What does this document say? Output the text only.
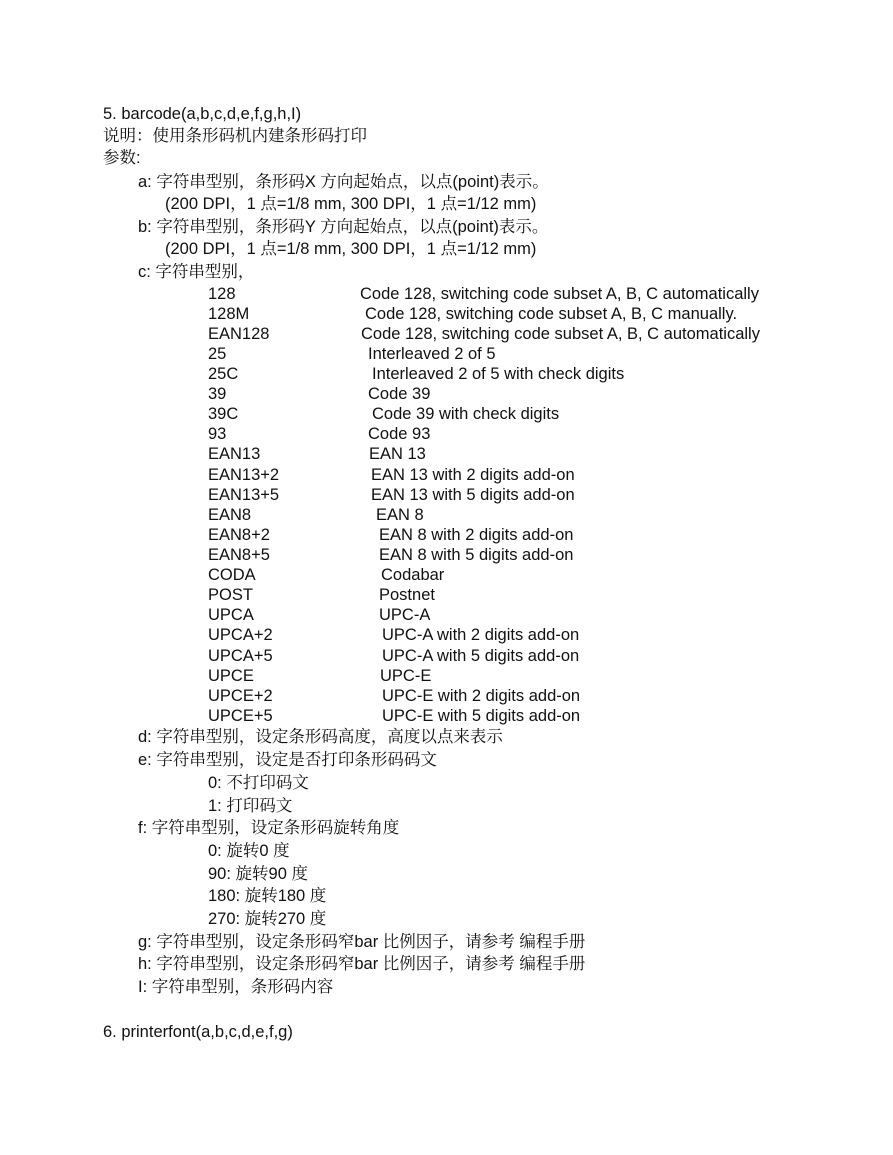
5. barcode(a,b,c,d,e,f,g,h,I)
说明：使用条形码机内建条形码打印
参数:
a: 字符串型别，条形码X 方向起始点，以点(point)表示。
(200 DPI，1 点=1/8 mm, 300 DPI，1 点=1/12 mm)
b: 字符串型别，条形码Y 方向起始点，以点(point)表示。
(200 DPI，1 点=1/8 mm, 300 DPI，1 点=1/12 mm)
c: 字符串型别，
128	Code 128, switching code subset A, B, C automatically
128M	Code 128, switching code subset A, B, C manually.
EAN128	Code 128, switching code subset A, B, C automatically
25	Interleaved 2 of 5
25C	Interleaved 2 of 5 with check digits
39	Code 39
39C	Code 39 with check digits
93	Code 93
EAN13	EAN 13
EAN13+2	EAN 13 with 2 digits add-on
EAN13+5	EAN 13 with 5 digits add-on
EAN8	EAN 8
EAN8+2	EAN 8 with 2 digits add-on
EAN8+5	EAN 8 with 5 digits add-on
CODA	Codabar
POST	Postnet
UPCA	UPC-A
UPCA+2	UPC-A with 2 digits add-on
UPCA+5	UPC-A with 5 digits add-on
UPCE	UPC-E
UPCE+2	UPC-E with 2 digits add-on
UPCE+5	UPC-E with 5 digits add-on
d: 字符串型别，设定条形码高度，高度以点来表示
e: 字符串型别，设定是否打印条形码码文
0: 不打印码文
1: 打印码文
f: 字符串型别，设定条形码旋转角度
0: 旋转0 度
90: 旋转90 度
180: 旋转180 度
270: 旋转270 度
g: 字符串型别，设定条形码窄bar 比例因子，请参考 编程手册
h: 字符串型别，设定条形码窄bar 比例因子，请参考 编程手册
I: 字符串型别，条形码内容
6. printerfont(a,b,c,d,e,f,g)
